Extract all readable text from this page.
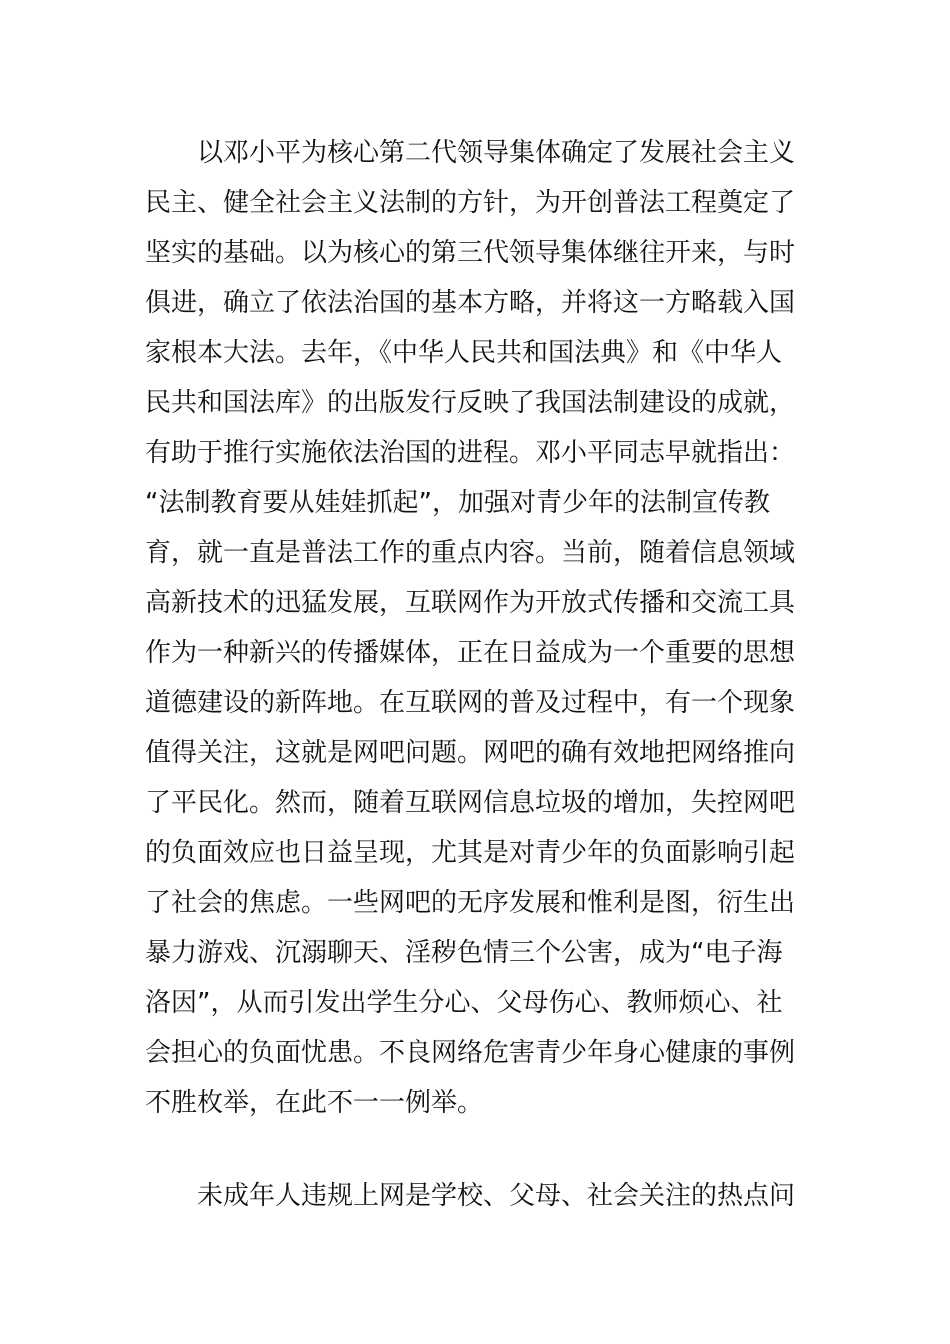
以邓小平为核心第二代领导集体确定了发展社会主义
民主、健全社会主义法制的方针，为开创普法工程奠定了
坚实的基础。以为核心的第三代领导集体继往开来，与时
俱进，确立了依法治国的基本方略，并将这一方略载入国
家根本大法。去年，《中华人民共和国法典》和《中华人
民共和国法库》的出版发行反映了我国法制建设的成就，
有助于推行实施依法治国的进程。邓小平同志早就指出：
“法制教育要从娃娃抓起”，加强对青少年的法制宣传教
育，就一直是普法工作的重点内容。当前，随着信息领域
高新技术的迅猛发展，互联网作为开放式传播和交流工具
作为一种新兴的传播媒体，正在日益成为一个重要的思想
道德建设的新阵地。在互联网的普及过程中，有一个现象
值得关注，这就是网吧问题。网吧的确有效地把网络推向
了平民化。然而，随着互联网信息垃圾的增加，失控网吧
的负面效应也日益呈现，尤其是对青少年的负面影响引起
了社会的焦虑。一些网吧的无序发展和惟利是图，衍生出
暴力游戏、沉溺聊天、淫秽色情三个公害，成为“电子海
洛因”，从而引发出学生分心、父母伤心、教师烦心、社
会担心的负面忧患。不良网络危害青少年身心健康的事例
不胜枚举，在此不一一例举。
未成年人违规上网是学校、父母、社会关注的热点问
